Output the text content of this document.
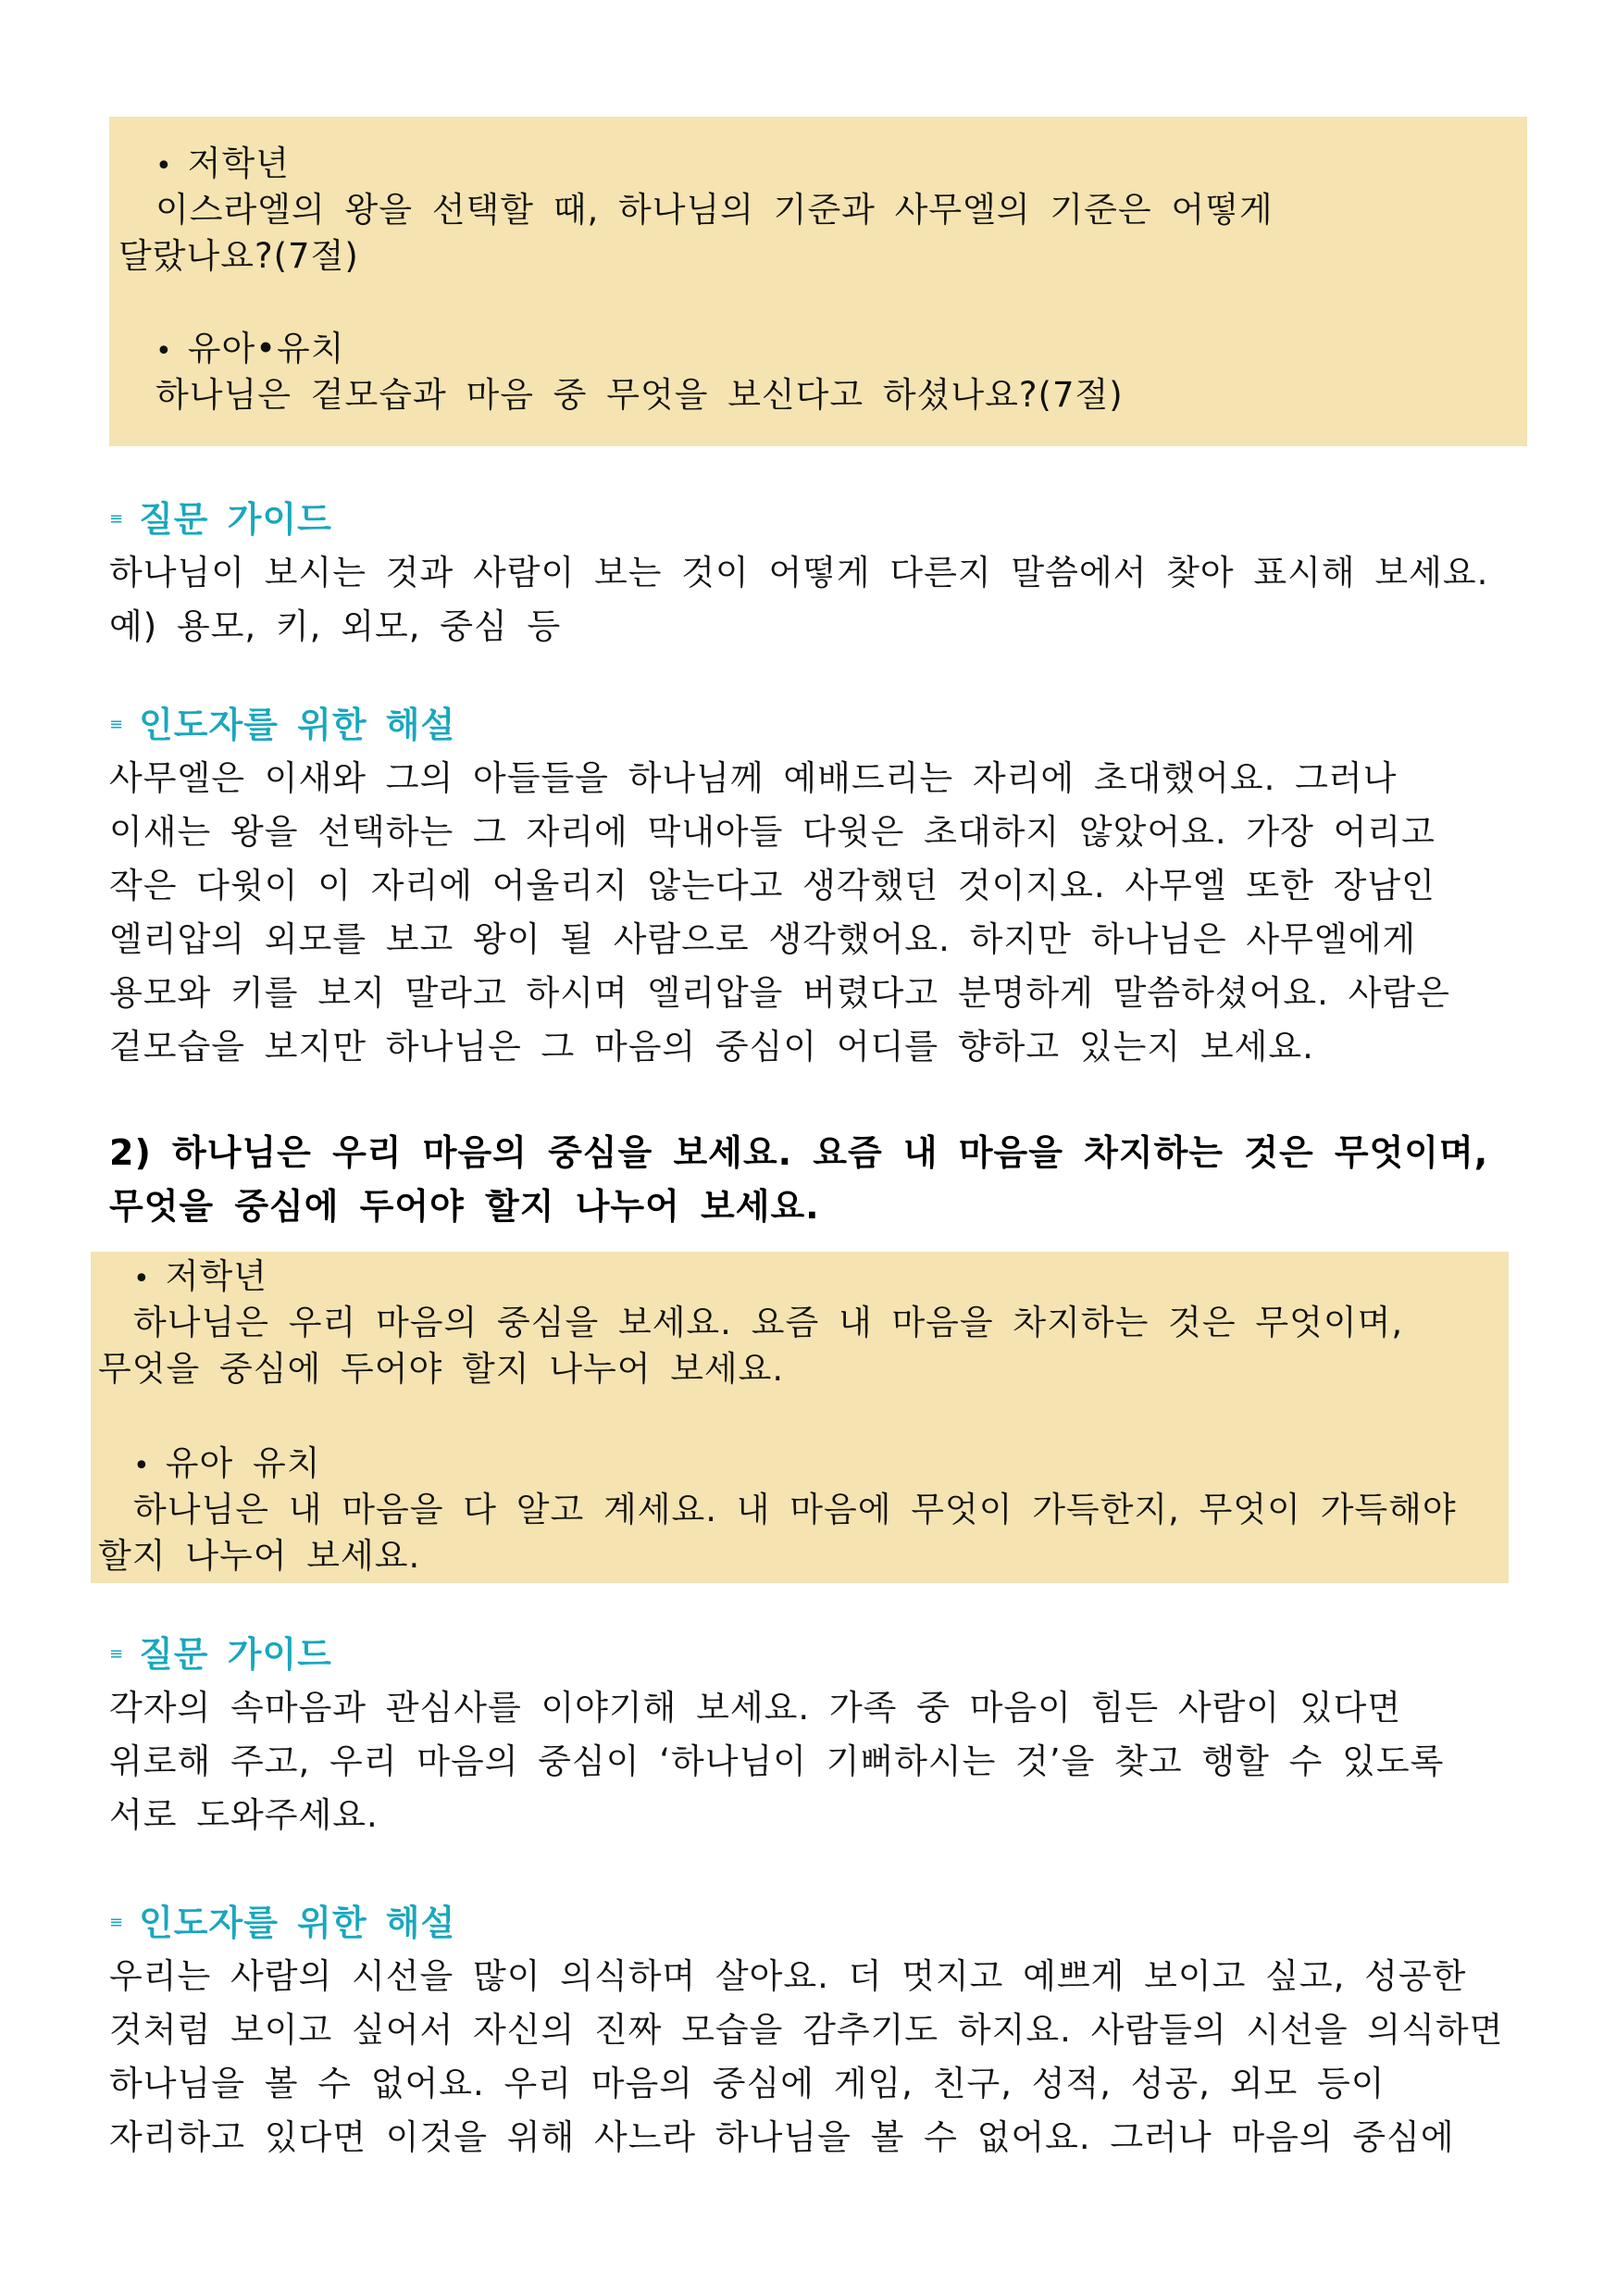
• 저학년
이스라엘의 왕을 선택할 때, 하나님의 기준과 사무엘의 기준은 어떻게
달랐나요?(7절)
• 유아•유치
하나님은 겉모습과 마음 중 무엇을 보신다고 하셨나요?(7절)
≡ 질문 가이드
하나님이 보시는 것과 사람이 보는 것이 어떻게 다른지 말씀에서 찾아 표시해 보세요.
예) 용모, 키, 외모, 중심 등
≡ 인도자를 위한 해설
사무엘은 이새와 그의 아들들을 하나님께 예배드리는 자리에 초대했어요. 그러나
이새는 왕을 선택하는 그 자리에 막내아들 다윗은 초대하지 않았어요. 가장 어리고
작은 다윗이 이 자리에 어울리지 않는다고 생각했던 것이지요. 사무엘 또한 장남인
엘리압의 외모를 보고 왕이 될 사람으로 생각했어요. 하지만 하나님은 사무엘에게
용모와 키를 보지 말라고 하시며 엘리압을 버렸다고 분명하게 말씀하셨어요. 사람은
겉모습을 보지만 하나님은 그 마음의 중심이 어디를 향하고 있는지 보세요.
2) 하나님은 우리 마음의 중심을 보세요. 요즘 내 마음을 차지하는 것은 무엇이며,
무엇을 중심에 두어야 할지 나누어 보세요.
• 저학년
하나님은 우리 마음의 중심을 보세요. 요즘 내 마음을 차지하는 것은 무엇이며,
무엇을 중심에 두어야 할지 나누어 보세요.
• 유아 유치
하나님은 내 마음을 다 알고 계세요. 내 마음에 무엇이 가득한지, 무엇이 가득해야
할지 나누어 보세요.
≡ 질문 가이드
각자의 속마음과 관심사를 이야기해 보세요. 가족 중 마음이 힘든 사람이 있다면
위로해 주고, 우리 마음의 중심이 ‘하나님이 기뻐하시는 것’을 찾고 행할 수 있도록
서로 도와주세요.
≡ 인도자를 위한 해설
우리는 사람의 시선을 많이 의식하며 살아요. 더 멋지고 예쁘게 보이고 싶고, 성공한
것처럼 보이고 싶어서 자신의 진짜 모습을 감추기도 하지요. 사람들의 시선을 의식하면
하나님을 볼 수 없어요. 우리 마음의 중심에 게임, 친구, 성적, 성공, 외모 등이
자리하고 있다면 이것을 위해 사느라 하나님을 볼 수 없어요. 그러나 마음의 중심에
